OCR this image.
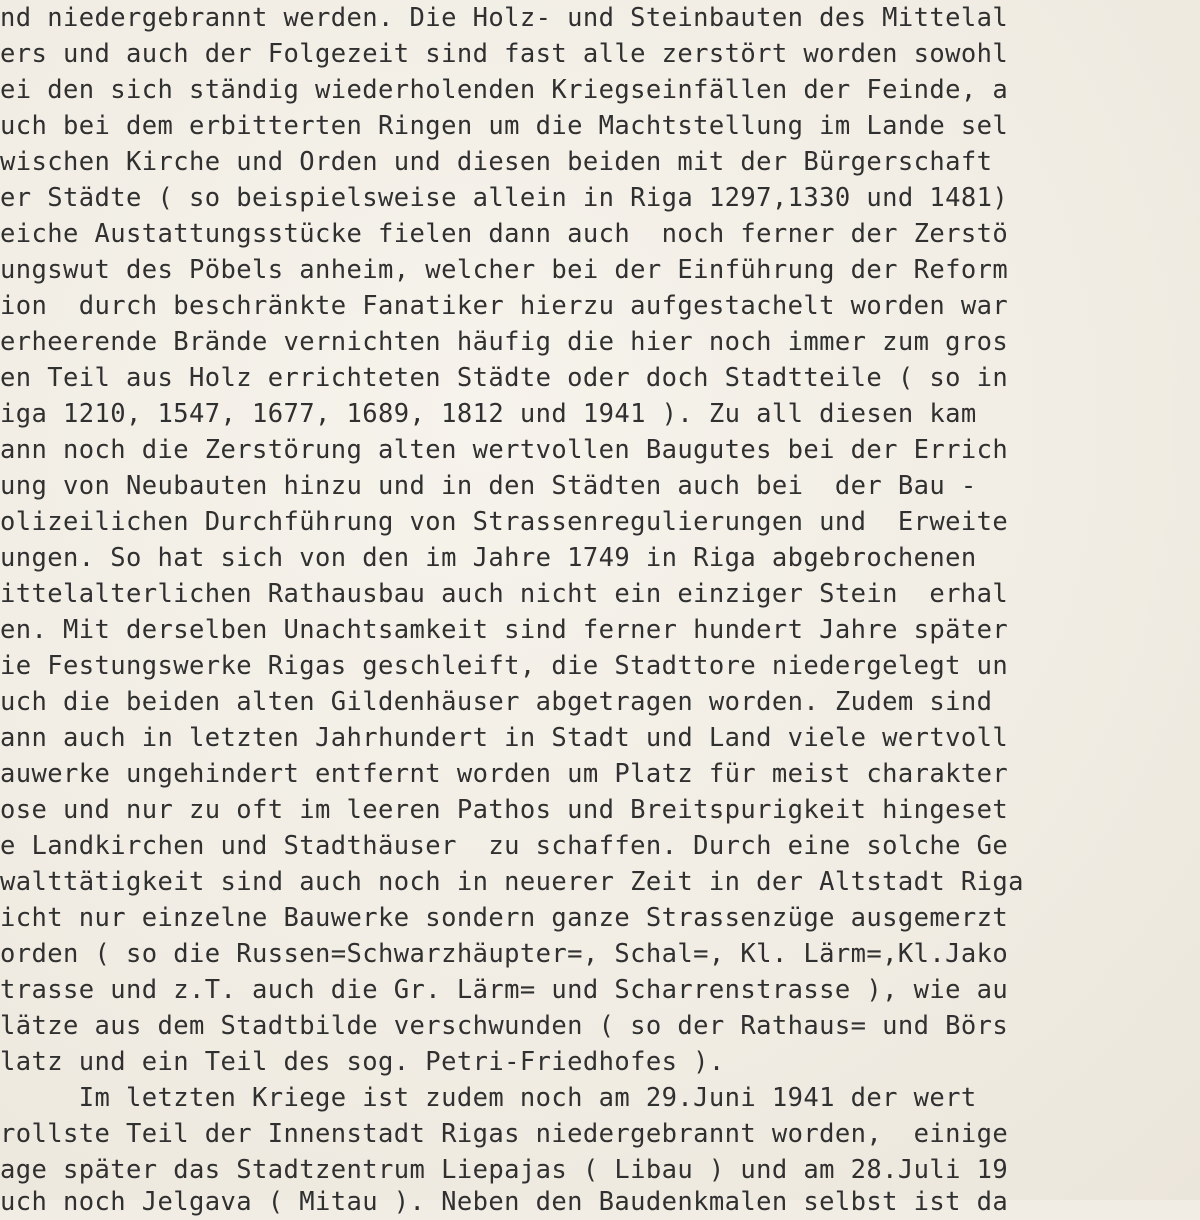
nd niedergebrannt werden. Die Holz- und Steinbauten des Mittelal
ers und auch der Folgezeit sind fast alle zerstört worden sowohl
ei den sich ständig wiederholenden Kriegseinfällen der Feinde, a
uch bei dem erbitterten Ringen um die Machtstellung im Lande sel
wischen Kirche und Orden und diesen beiden mit der Bürgerschaft
er Städte ( so beispielsweise allein in Riga 1297,1330 und 1481)
eiche Austattungsstücke fielen dann auch  noch ferner der Zerstö
ungswut des Pöbels anheim, welcher bei der Einführung der Reform
ion  durch beschränkte Fanatiker hierzu aufgestachelt worden war
erheerende Brände vernichten häufig die hier noch immer zum gros
en Teil aus Holz errichteten Städte oder doch Stadtteile ( so in
iga 1210, 1547, 1677, 1689, 1812 und 1941 ). Zu all diesen kam
ann noch die Zerstörung alten wertvollen Baugutes bei der Errich
ung von Neubauten hinzu und in den Städten auch bei  der Bau -
olizeilichen Durchführung von Strassenregulierungen und  Erweite
ungen. So hat sich von den im Jahre 1749 in Riga abgebrochenen
ittelalterlichen Rathausbau auch nicht ein einziger Stein  erhal
en. Mit derselben Unachtsamkeit sind ferner hundert Jahre später
ie Festungswerke Rigas geschleift, die Stadttore niedergelegt un
uch die beiden alten Gildenhäuser abgetragen worden. Zudem sind
ann auch in letzten Jahrhundert in Stadt und Land viele wertvoll
auwerke ungehindert entfernt worden um Platz für meist charakter
ose und nur zu oft im leeren Pathos und Breitspurigkeit hingeset
e Landkirchen und Stadthäuser  zu schaffen. Durch eine solche Ge
walttätigkeit sind auch noch in neuerer Zeit in der Altstadt Riga
icht nur einzelne Bauwerke sondern ganze Strassenzüge ausgemerzt
orden ( so die Russen=Schwarzhäupter=, Schal=, Kl. Lärm=,Kl.Jako
trasse und z.T. auch die Gr. Lärm= und Scharrenstrasse ), wie au
lätze aus dem Stadtbilde verschwunden ( so der Rathaus= und Börs
latz und ein Teil des sog. Petri-Friedhofes ).
Im letzten Kriege ist zudem noch am 29.Juni 1941 der wert
rollste Teil der Innenstadt Rigas niedergebrannt worden,  einige
age später das Stadtzentrum Liepajas ( Libau ) und am 28.Juli 19
uch noch Jelgava ( Mitau ). Neben den Baudenkmalen selbst ist da
